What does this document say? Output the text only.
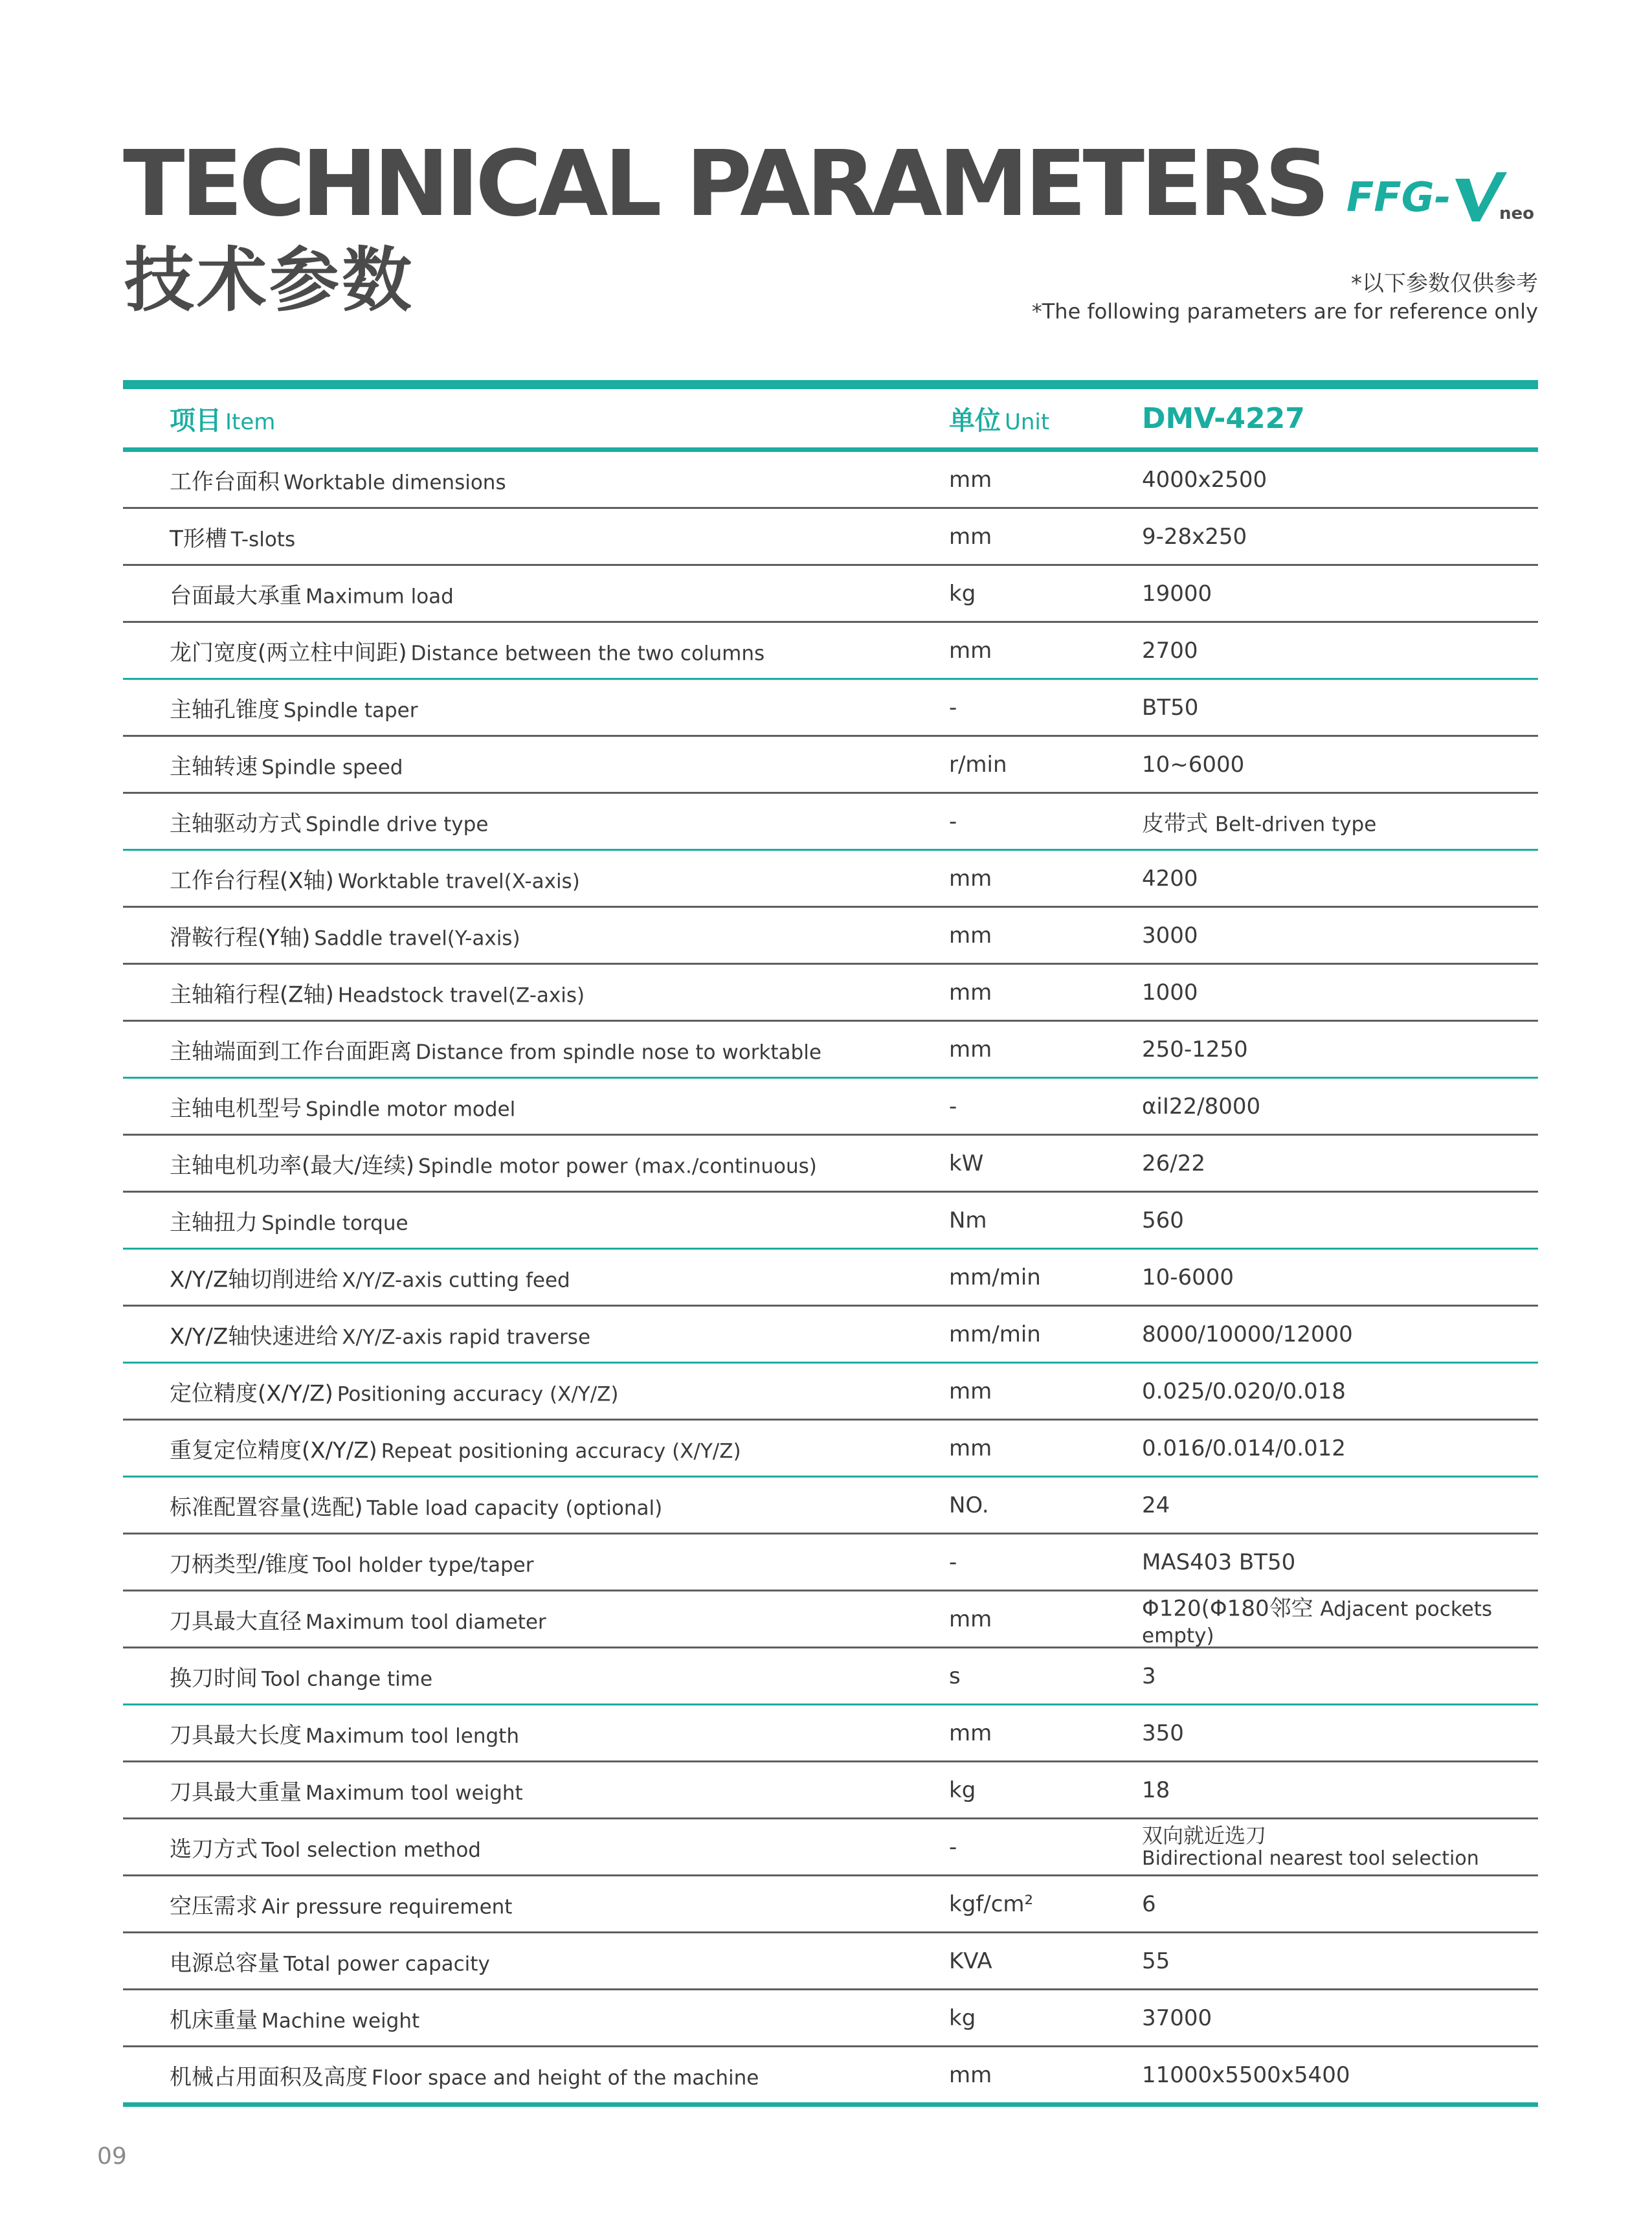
TECHNICAL PARAMETERS
技术参数
FFG-	neo
*以下参数仅供参考
*The following parameters are for reference only
项目 Item	单位 Unit	DMV-4227
工作台面积 Worktable dimensions	mm	4000x2500
T形槽 T-slots	mm	9-28x250
台面最大承重 Maximum load	kg	19000
龙门宽度(两立柱中间距) Distance between the two columns	mm	2700
主轴孔锥度 Spindle taper	-	BT50
主轴转速 Spindle speed	r/min	10~6000
主轴驱动方式 Spindle drive type	-	皮带式 Belt-driven type
工作台行程(X轴) Worktable travel(X-axis)	mm	4200
滑鞍行程(Y轴) Saddle travel(Y-axis)	mm	3000
主轴箱行程(Z轴) Headstock travel(Z-axis)	mm	1000
主轴端面到工作台面距离 Distance from spindle nose to worktable	mm	250-1250
主轴电机型号 Spindle motor model	-	αiI22/8000
主轴电机功率(最大/连续) Spindle motor power (max./continuous)	kW	26/22
主轴扭力 Spindle torque	Nm	560
X/Y/Z轴切削进给 X/Y/Z-axis cutting feed	mm/min	10-6000
X/Y/Z轴快速进给 X/Y/Z-axis rapid traverse	mm/min	8000/10000/12000
定位精度(X/Y/Z) Positioning accuracy (X/Y/Z)	mm	0.025/0.020/0.018
重复定位精度(X/Y/Z) Repeat positioning accuracy (X/Y/Z)	mm	0.016/0.014/0.012
标准配置容量(选配) Table load capacity (optional)	NO.	24
刀柄类型/锥度 Tool holder type/taper	-	MAS403 BT50
刀具最大直径 Maximum tool diameter	mm	Φ120(Φ180邻空 Adjacent pockets empty)
换刀时间 Tool change time	s	3
刀具最大长度 Maximum tool length	mm	350
刀具最大重量 Maximum tool weight	kg	18
选刀方式 Tool selection method	-	双向就近选刀
Bidirectional nearest tool selection
空压需求 Air pressure requirement	kgf/cm²	6
电源总容量 Total power capacity	KVA	55
机床重量 Machine weight	kg	37000
机械占用面积及高度 Floor space and height of the machine	mm	11000x5500x5400
09
